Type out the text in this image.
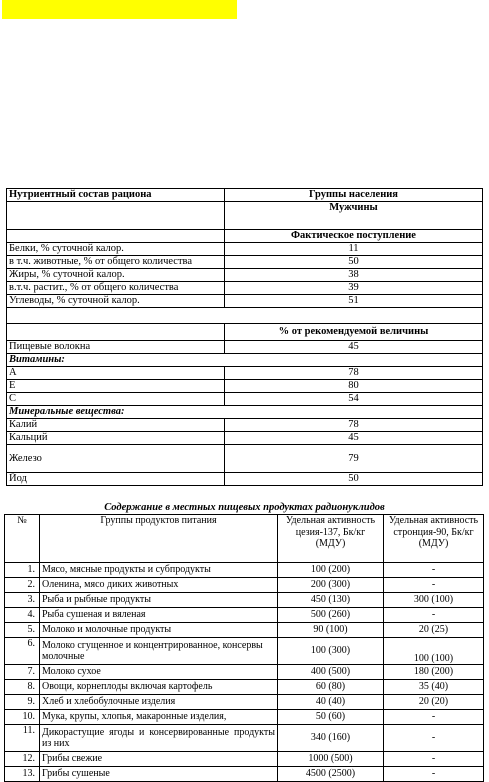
Нутриентный состав рациона	Группы населения
	Мужчины
	Фактическое поступление
Белки, % суточной калор.	11
в т.ч. животные, % от общего количества	50
Жиры, % суточной калор.	38
в.т.ч. растит., % от общего количества	39
Углеводы, % суточной калор.	51

	% от рекомендуемой величины
Пищевые волокна	45
Витамины:	
А	78
Е	80
С	54
Минеральные вещества:	
Калий	78
Кальций	45
Железо	79
Йод	50
Содержание в местных пищевых продуктах радионуклидов
№	Группы продуктов питания	Удельная активность цезия-137, Бк/кг (МДУ)	Удельная активность стронция-90, Бк/кг (МДУ)
1.	Мясо, мясные продукты и субпродукты	100 (200)	-
2.	Оленина, мясо диких животных	200 (300)	-
3.	Рыба и рыбные продукты	450 (130)	300 (100)
4.	Рыба сушеная и вяленая	500 (260)	-
5.	Молоко и молочные продукты	90 (100)	20 (25)
6.	Молоко сгущенное и концентрированное, консервы молочные	100 (300)	100 (100)
7.	Молоко сухое	400 (500)	180 (200)
8.	Овощи, корнеплоды включая картофель	60 (80)	35 (40)
9.	Хлеб и хлебобулочные изделия	40 (40)	20 (20)
10.	Мука, крупы, хлопья, макаронные изделия,	50 (60)	-
11.	Дикорастущие ягоды и консервированные продукты из них	340 (160)	-
12.	Грибы свежие	1000 (500)	-
13.	Грибы сушеные	4500 (2500)	-
